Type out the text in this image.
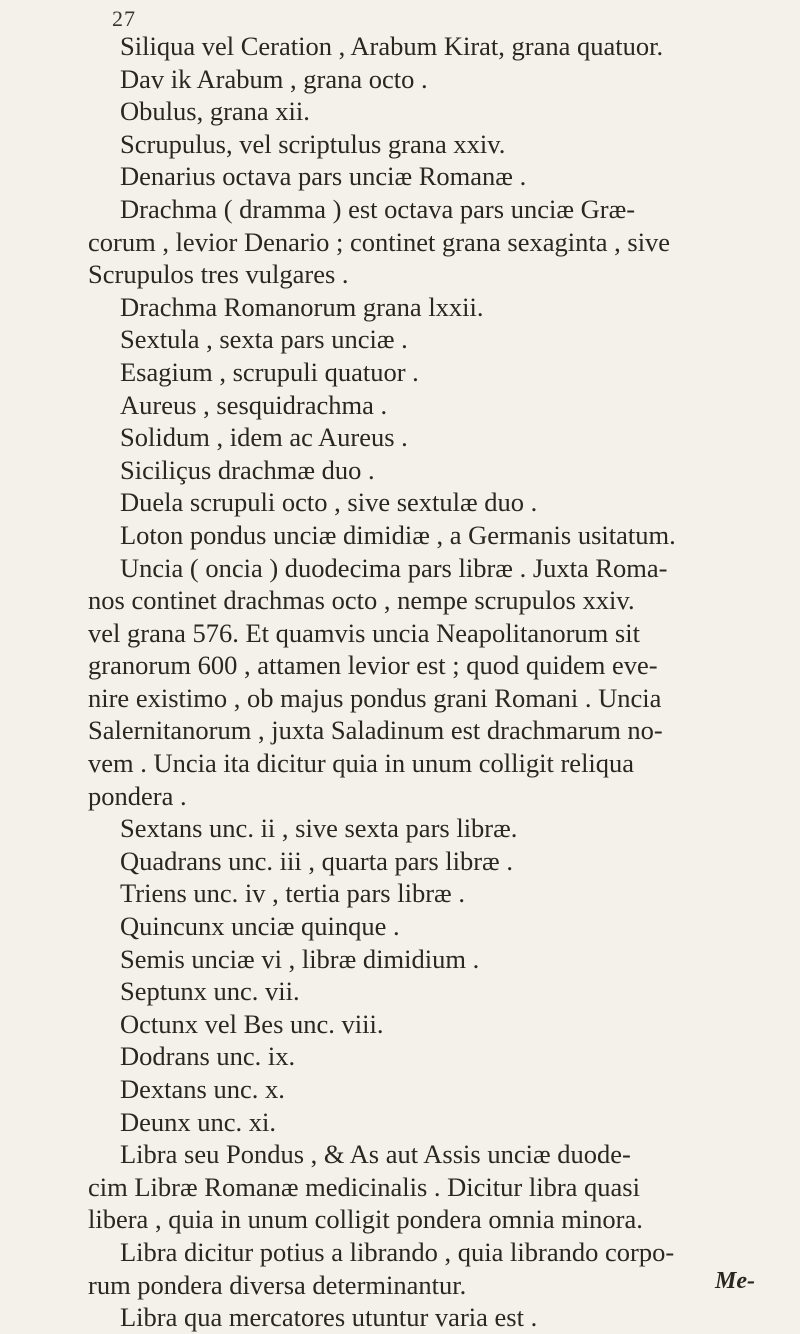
27
Siliqua vel Ceration , Arabum Kirat, grana quatuor.
Dav ik Arabum , grana octo .
Obulus, grana xii.
Scrupulus, vel scriptulus grana xxiv.
Denarius octava pars unciæ Romanæ .
Drachma ( dramma ) est octava pars unciæ Græ-
corum , levior Denario ; continet grana sexaginta , sive
Scrupulos tres vulgares .
Drachma Romanorum grana lxxii.
Sextula , sexta pars unciæ .
Esagium , scrupuli quatuor .
Aureus , sesquidrachma .
Solidum , idem ac Aureus .
Siciliçus drachmæ duo .
Duela scrupuli octo , sive sextulæ duo .
Loton pondus unciæ dimidiæ , a Germanis usitatum.
Uncia ( oncia ) duodecima pars libræ . Juxta Roma-
nos continet drachmas octo , nempe scrupulos xxiv.
vel grana 576. Et quamvis uncia Neapolitanorum sit
granorum 600 , attamen levior est ; quod quidem eve-
nire existimo , ob majus pondus grani Romani . Uncia
Salernitanorum , juxta Saladinum est drachmarum no-
vem . Uncia ita dicitur quia in unum colligit reliqua
pondera .
Sextans unc. ii , sive sexta pars libræ.
Quadrans unc. iii , quarta pars libræ .
Triens unc. iv , tertia pars libræ .
Quincunx unciæ quinque .
Semis unciæ vi , libræ dimidium .
Septunx unc. vii.
Octunx vel Bes unc. viii.
Dodrans unc. ix.
Dextans unc. x.
Deunx unc. xi.
Libra seu Pondus , & As aut Assis unciæ duode-
cim Libræ Romanæ medicinalis . Dicitur libra quasi
libera , quia in unum colligit pondera omnia minora.
Libra dicitur potius a librando , quia librando corpo-
rum pondera diversa determinantur.
Libra qua mercatores utuntur varia est .
Me-
